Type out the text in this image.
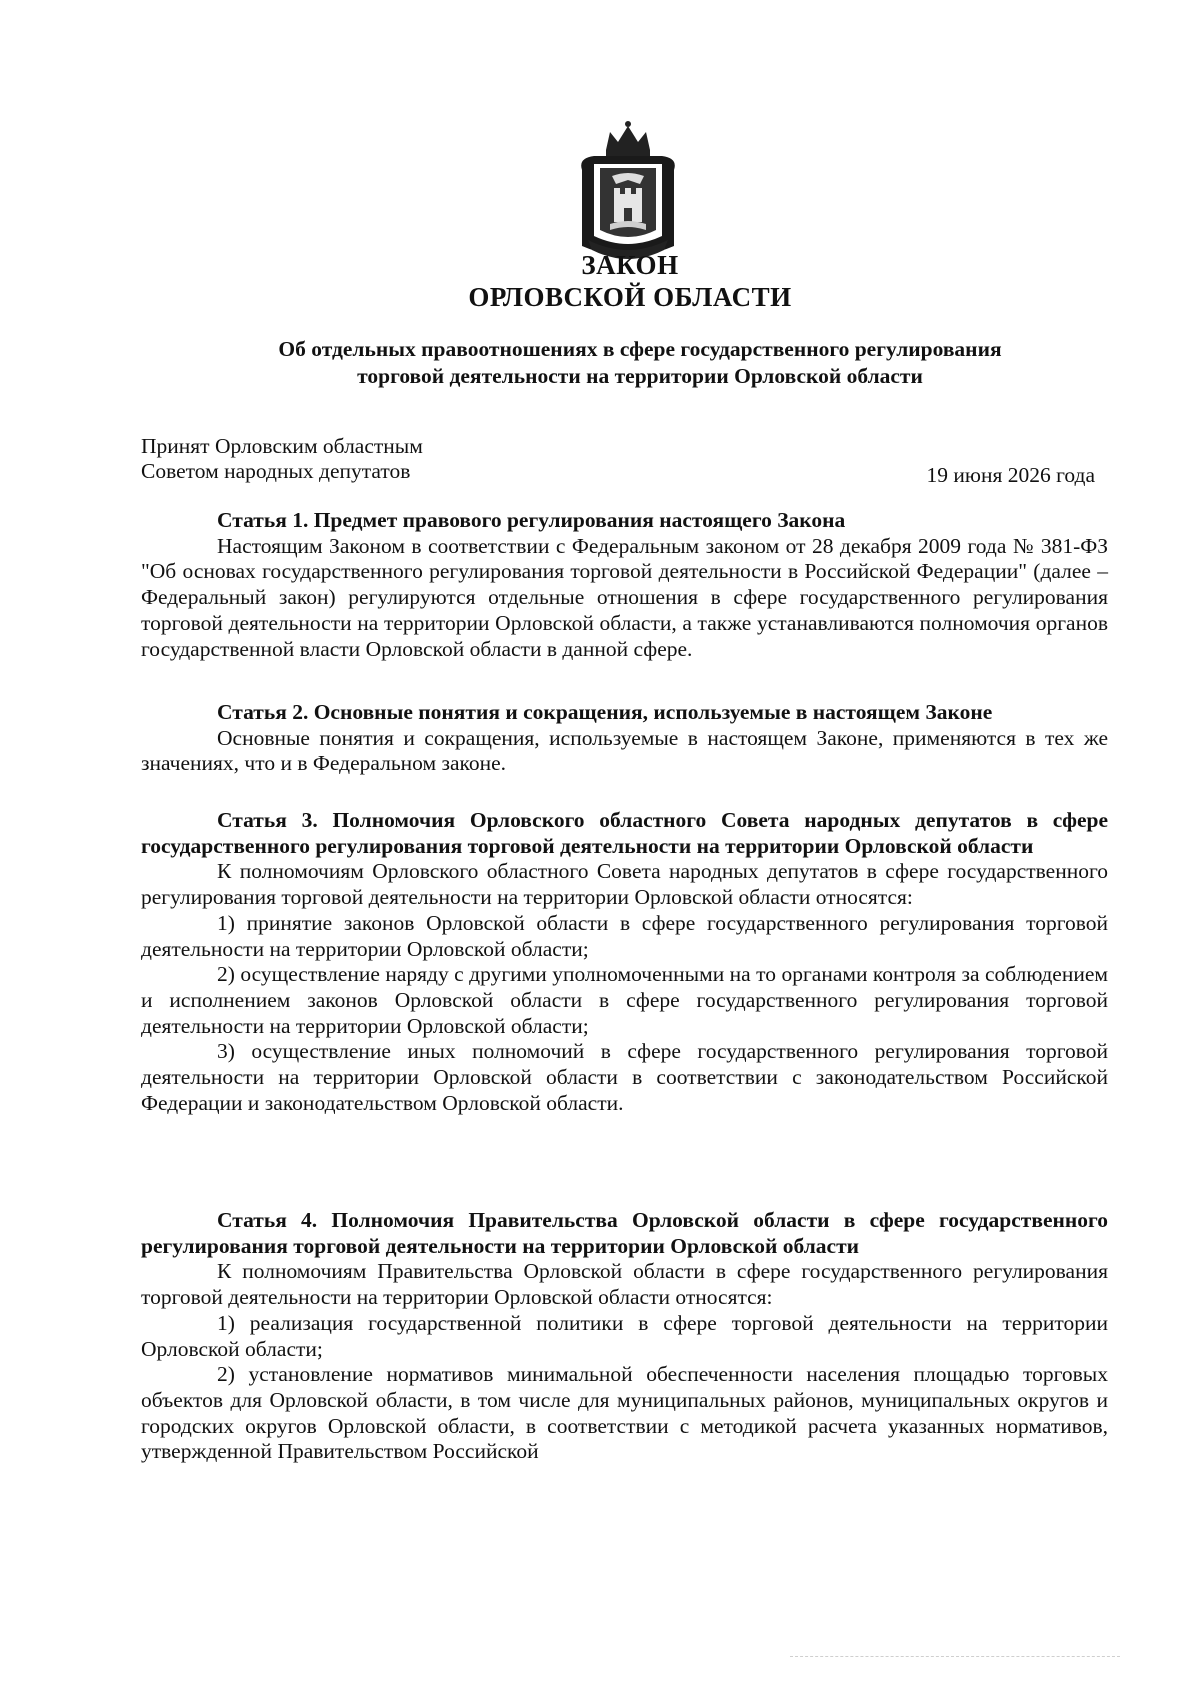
ЗАКОН
ОРЛОВСКОЙ ОБЛАСТИ
Об отдельных правоотношениях в сфере государственного регулирования
торговой деятельности на территории Орловской области
Принят Орловским областным
Советом народных депутатов	19 июня 2026 года

Статья 1. Предмет правового регулирования настоящего Закона

Настоящим Законом в соответствии с Федеральным законом от 28 декабря 2009 года № 381-ФЗ "Об основах государственного регулирования торговой деятельности в Российской Федерации" (далее – Федеральный закон) регулируются отдельные отношения в сфере государственного регулирования торговой деятельности на территории Орловской области, а также устанавливаются полномочия органов государственной власти Орловской области в данной сфере.

Статья 2. Основные понятия и сокращения, используемые в настоящем Законе

Основные понятия и сокращения, используемые в настоящем Законе, применяются в тех же значениях, что и в Федеральном законе.

Статья 3. Полномочия Орловского областного Совета народных депутатов в сфере государственного регулирования торговой деятельности на территории Орловской области

К полномочиям Орловского областного Совета народных депутатов в сфере государственного регулирования торговой деятельности на территории Орловской области относятся:

1) принятие законов Орловской области в сфере государственного регулирования торговой деятельности на территории Орловской области;

2) осуществление наряду с другими уполномоченными на то органами контроля за соблюдением и исполнением законов Орловской области в сфере государственного регулирования торговой деятельности на территории Орловской области;

3) осуществление иных полномочий в сфере государственного регулирования торговой деятельности на территории Орловской области в соответствии с законодательством Российской Федерации и законодательством Орловской области.

Статья 4. Полномочия Правительства Орловской области в сфере государственного регулирования торговой деятельности на территории Орловской области

К полномочиям Правительства Орловской области в сфере государственного регулирования торговой деятельности на территории Орловской области относятся:

1) реализация государственной политики в сфере торговой деятельности на территории Орловской области;

2) установление нормативов минимальной обеспеченности населения площадью торговых объектов для Орловской области, в том числе для муниципальных районов, муниципальных округов и городских округов Орловской области, в соответствии с методикой расчета указанных нормативов, утвержденной Правительством Российской
